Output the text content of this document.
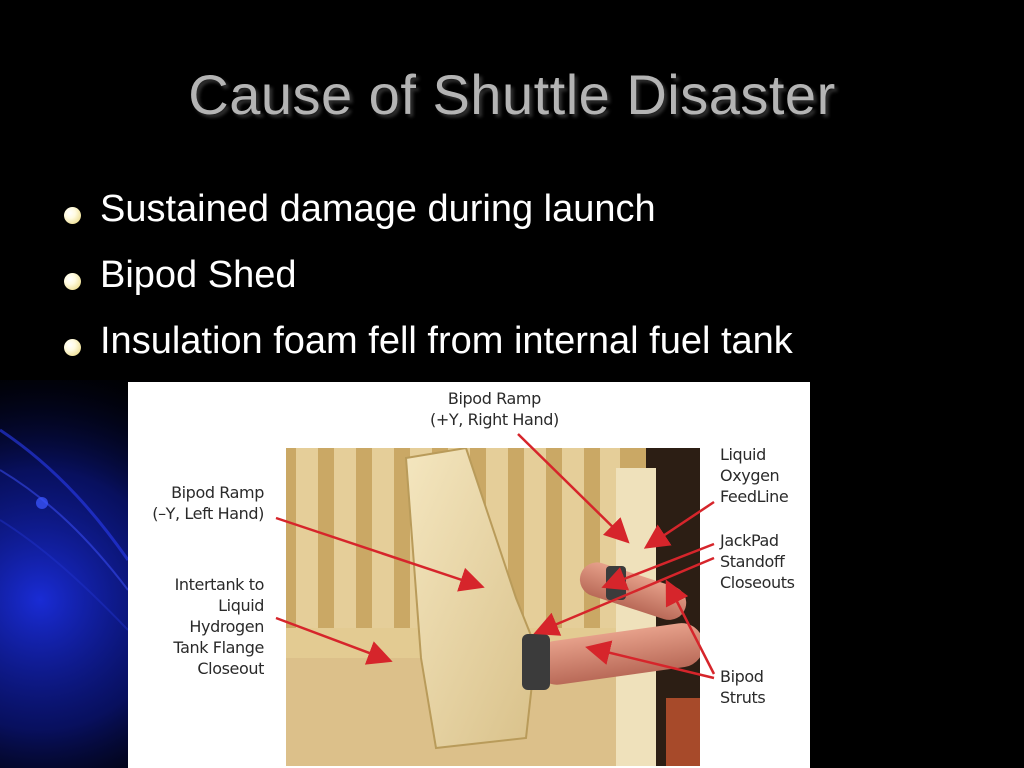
Cause of Shuttle Disaster
Sustained damage during launch
Bipod Shed
Insulation foam fell from internal fuel tank
Bipod Ramp
(+Y, Right Hand)
Bipod Ramp
(–Y, Left Hand)
Intertank to
Liquid
Hydrogen
Tank Flange
Closeout
Liquid
Oxygen
FeedLine
JackPad
Standoff
Closeouts
Bipod
Struts
